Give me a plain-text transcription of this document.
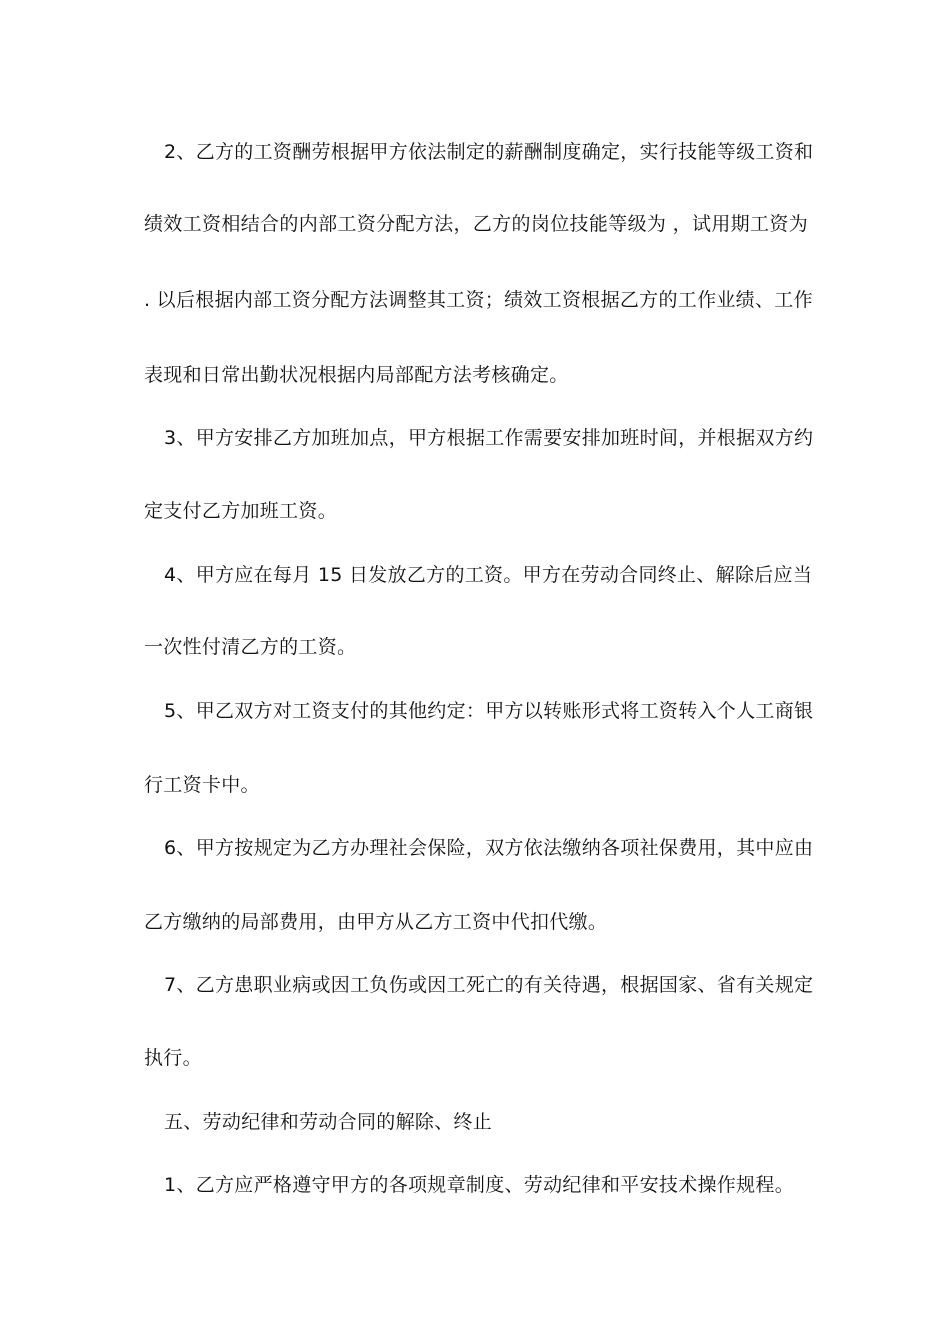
2、乙方的工资酬劳根据甲方依法制定的薪酬制度确定，实行技能等级工资和
绩效工资相结合的内部工资分配方法，乙方的岗位技能等级为 ，试用期工资为
. 以后根据内部工资分配方法调整其工资；绩效工资根据乙方的工作业绩、工作
表现和日常出勤状况根据内局部配方法考核确定。
3、甲方安排乙方加班加点，甲方根据工作需要安排加班时间，并根据双方约
定支付乙方加班工资。
4、甲方应在每月 15 日发放乙方的工资。甲方在劳动合同终止、解除后应当
一次性付清乙方的工资。
5、甲乙双方对工资支付的其他约定：甲方以转账形式将工资转入个人工商银
行工资卡中。
6、甲方按规定为乙方办理社会保险，双方依法缴纳各项社保费用，其中应由
乙方缴纳的局部费用，由甲方从乙方工资中代扣代缴。
7、乙方患职业病或因工负伤或因工死亡的有关待遇，根据国家、省有关规定
执行。
五、劳动纪律和劳动合同的解除、终止
1、乙方应严格遵守甲方的各项规章制度、劳动纪律和平安技术操作规程。
